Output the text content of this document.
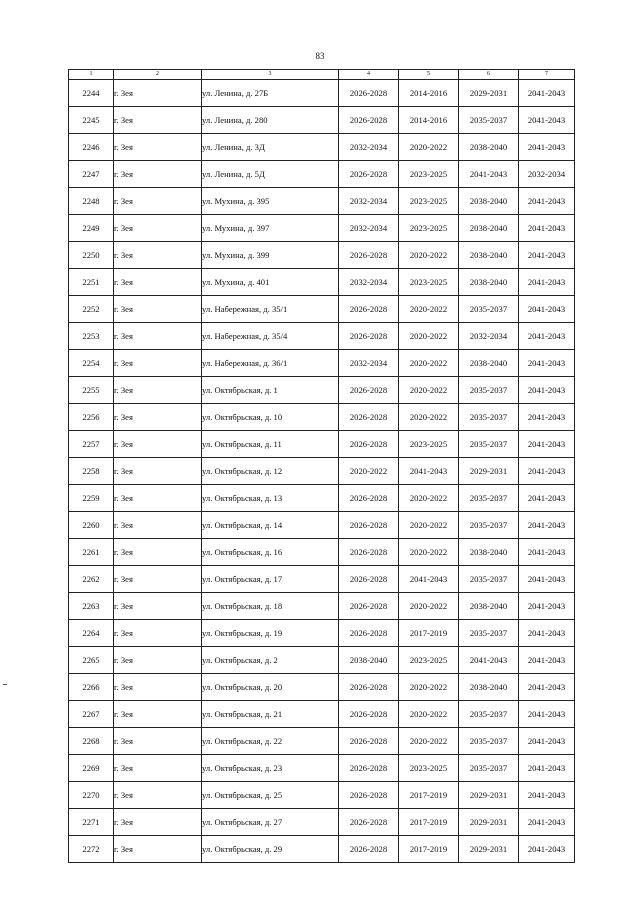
83
1	2	3	4	5	6	7
2244	г. Зея	ул. Ленина, д. 27Б	2026-2028	2014-2016	2029-2031	2041-2043
2245	г. Зея	ул. Ленина, д. 280	2026-2028	2014-2016	2035-2037	2041-2043
2246	г. Зея	ул. Ленина, д. 3Д	2032-2034	2020-2022	2038-2040	2041-2043
2247	г. Зея	ул. Ленина, д. 5Д	2026-2028	2023-2025	2041-2043	2032-2034
2248	г. Зея	ул. Мухина, д. 395	2032-2034	2023-2025	2038-2040	2041-2043
2249	г. Зея	ул. Мухина, д. 397	2032-2034	2023-2025	2038-2040	2041-2043
2250	г. Зея	ул. Мухина, д. 399	2026-2028	2020-2022	2038-2040	2041-2043
2251	г. Зея	ул. Мухина, д. 401	2032-2034	2023-2025	2038-2040	2041-2043
2252	г. Зея	ул. Набережная, д. 35/1	2026-2028	2020-2022	2035-2037	2041-2043
2253	г. Зея	ул. Набережная, д. 35/4	2026-2028	2020-2022	2032-2034	2041-2043
2254	г. Зея	ул. Набережная, д. 36/1	2032-2034	2020-2022	2038-2040	2041-2043
2255	г. Зея	ул. Октябрьская, д. 1	2026-2028	2020-2022	2035-2037	2041-2043
2256	г. Зея	ул. Октябрьская, д. 10	2026-2028	2020-2022	2035-2037	2041-2043
2257	г. Зея	ул. Октябрьская, д. 11	2026-2028	2023-2025	2035-2037	2041-2043
2258	г. Зея	ул. Октябрьская, д. 12	2020-2022	2041-2043	2029-2031	2041-2043
2259	г. Зея	ул. Октябрьская, д. 13	2026-2028	2020-2022	2035-2037	2041-2043
2260	г. Зея	ул. Октябрьская, д. 14	2026-2028	2020-2022	2035-2037	2041-2043
2261	г. Зея	ул. Октябрьская, д. 16	2026-2028	2020-2022	2038-2040	2041-2043
2262	г. Зея	ул. Октябрьская, д. 17	2026-2028	2041-2043	2035-2037	2041-2043
2263	г. Зея	ул. Октябрьская, д. 18	2026-2028	2020-2022	2038-2040	2041-2043
2264	г. Зея	ул. Октябрьская, д. 19	2026-2028	2017-2019	2035-2037	2041-2043
2265	г. Зея	ул. Октябрьская, д. 2	2038-2040	2023-2025	2041-2043	2041-2043
2266	г. Зея	ул. Октябрьская, д. 20	2026-2028	2020-2022	2038-2040	2041-2043
2267	г. Зея	ул. Октябрьская, д. 21	2026-2028	2020-2022	2035-2037	2041-2043
2268	г. Зея	ул. Октябрьская, д. 22	2026-2028	2020-2022	2035-2037	2041-2043
2269	г. Зея	ул. Октябрьская, д. 23	2026-2028	2023-2025	2035-2037	2041-2043
2270	г. Зея	ул. Октябрьская, д. 25	2026-2028	2017-2019	2029-2031	2041-2043
2271	г. Зея	ул. Октябрьская, д. 27	2026-2028	2017-2019	2029-2031	2041-2043
2272	г. Зея	ул. Октябрьская, д. 29	2026-2028	2017-2019	2029-2031	2041-2043
